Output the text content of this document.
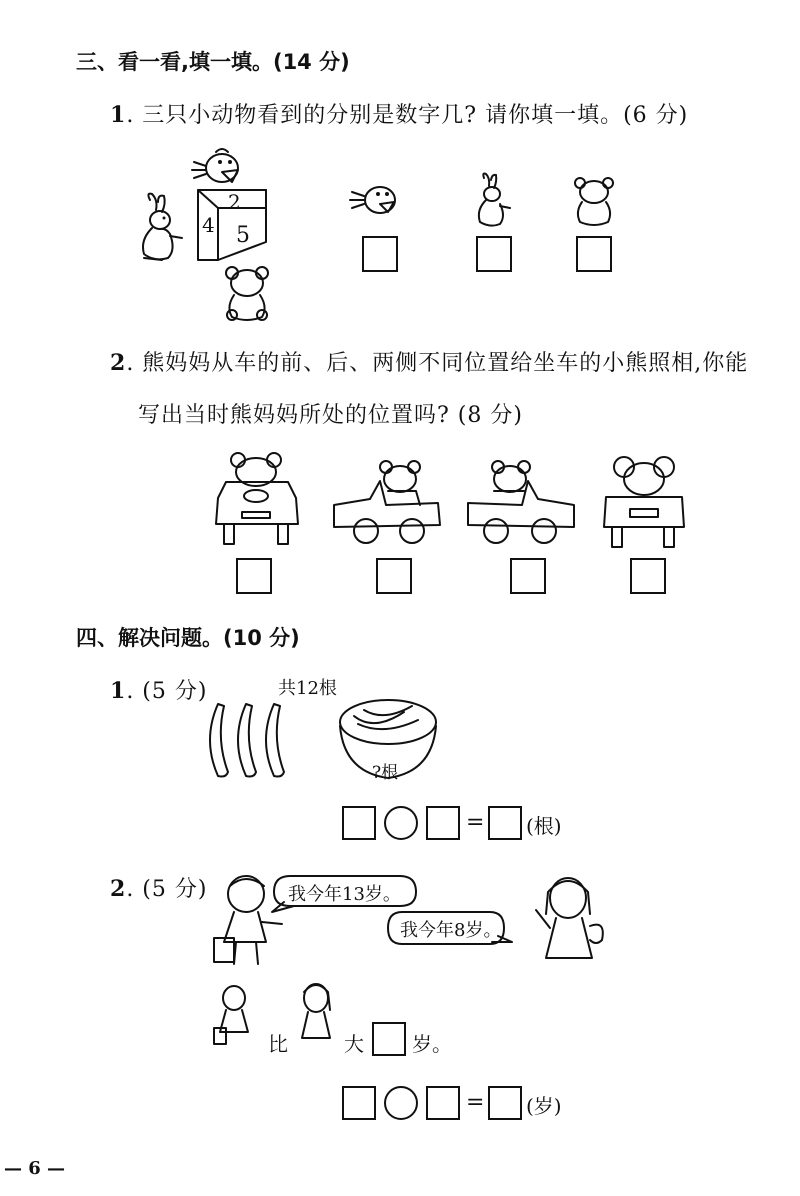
三、看一看,填一填。(14 分)
1. 三只小动物看到的分别是数字几? 请你填一填。(6 分)
2
4 5
2. 熊妈妈从车的前、后、两侧不同位置给坐车的小熊照相,你能
写出当时熊妈妈所处的位置吗? (8 分)
四、解决问题。(10 分)
1. (5 分)	共12根
?根
= (根)
2. (5 分)	我今年13岁。
我今年8岁。
比	大 岁。
= (岁)
— 6 —
